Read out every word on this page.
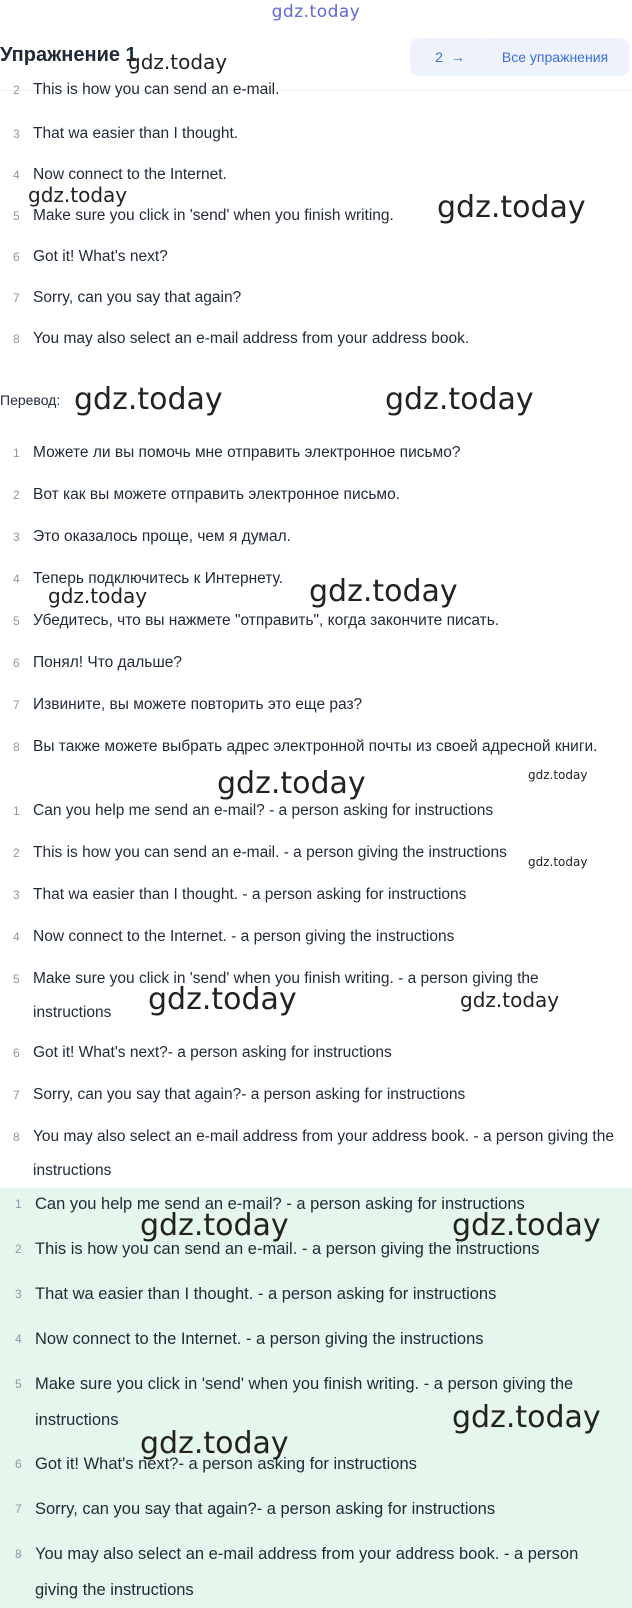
gdz.today
Упражнение 1	2 →	Все упражнения
2 This is how you can send an e-mail.
3 That wa easier than I thought.
4 Now connect to the Internet.
5 Make sure you click in 'send' when you finish writing.
6 Got it! What's next?
7 Sorry, can you say that again?
8 You may also select an e-mail address from your address book.
Перевод:
1 Можете ли вы помочь мне отправить электронное письмо?
2 Вот как вы можете отправить электронное письмо.
3 Это оказалось проще, чем я думал.
4 Теперь подключитесь к Интернету.
5 Убедитесь, что вы нажмете "отправить", когда закончите писать.
6 Понял! Что дальше?
7 Извините, вы можете повторить это еще раз?
8 Вы также можете выбрать адрес электронной почты из своей адресной книги.
1 Can you help me send an e-mail? - a person asking for instructions
2 This is how you can send an e-mail. - a person giving the instructions
3 That wa easier than I thought. - a person asking for instructions
4 Now connect to the Internet. - a person giving the instructions
5 Make sure you click in 'send' when you finish writing. - a person giving the instructions
6 Got it! What's next?- a person asking for instructions
7 Sorry, can you say that again?- a person asking for instructions
8 You may also select an e-mail address from your address book. - a person giving the instructions
1 Can you help me send an e-mail? - a person asking for instructions
2 This is how you can send an e-mail. - a person giving the instructions
3 That wa easier than I thought. - a person asking for instructions
4 Now connect to the Internet. - a person giving the instructions
5 Make sure you click in 'send' when you finish writing. - a person giving the instructions
6 Got it! What's next?- a person asking for instructions
7 Sorry, can you say that again?- a person asking for instructions
8 You may also select an e-mail address from your address book. - a person giving the instructions
gdz.today
gdz.today	gdz.today
gdz.today	gdz.today
gdz.today	gdz.today
gdz.today	gdz.today
gdz.today
gdz.today	gdz.today
gdz.today	gdz.today
gdz.today
gdz.today
